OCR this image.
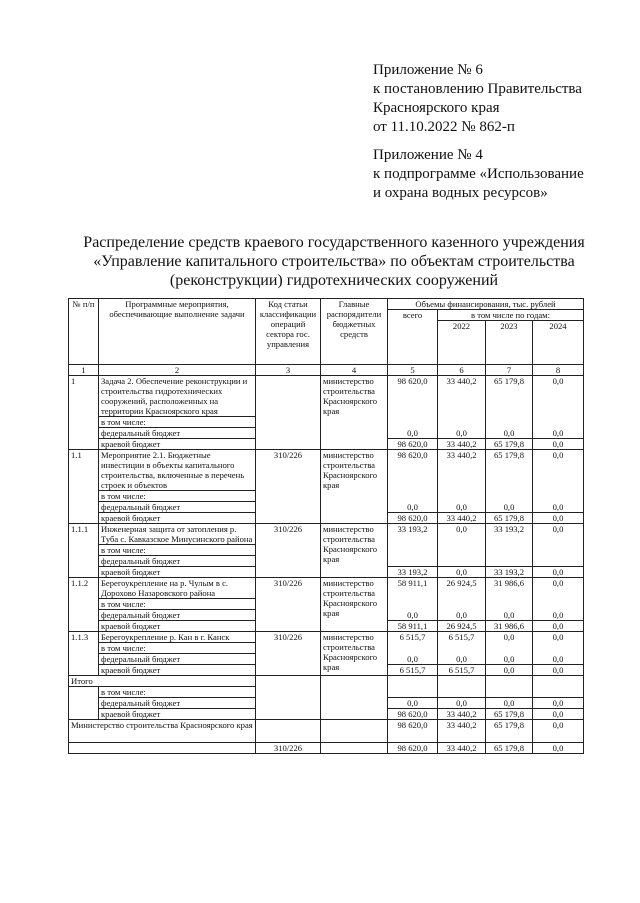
Приложение № 6
к постановлению Правительства
Красноярского края
от 11.10.2022 № 862-п
Приложение № 4
к подпрограмме «Использование
и охрана водных ресурсов»
Распределение средств краевого государственного казенного учреждения
«Управление капитального строительства» по объектам строительства
(реконструкции) гидротехнических сооружений
№ п/п	Программные мероприятия, обеспечивающие выполнение задачи	Код статьи классификации операций сектора гос. управления	Главные распорядители бюджетных средств	Объемы финансирования, тыс. рублей			
				всего	в том числе по годам:		
					2022	2023	2024
1	2	3	4	5	6	7	8
1	Задача 2. Обеспечение реконструкции и строительства гидротехнических сооружений, расположенных на территории Красноярского края		министерство строительства Красноярского края	98 620,0	33 440,2	65 179,8	0,0
	в том числе:						
	федеральный бюджет			0,0	0,0	0,0	0,0
	краевой бюджет			98 620,0	33 440,2	65 179,8	0,0
1.1	Мероприятие 2.1. Бюджетные инвестиции в объекты капитального строительства, включенные в перечень строек и объектов	310/226	министерство строительства Красноярского края	98 620,0	33 440,2	65 179,8	0,0
	в том числе:						
	федеральный бюджет			0,0	0,0	0,0	0,0
	краевой бюджет			98 620,0	33 440,2	65 179,8	0,0
1.1.1	Инженерная защита от затопления р. Туба с. Кавказское Минусинского района	310/226	министерство строительства Красноярского края	33 193,2	0,0	33 193,2	0,0
	в том числе:						
	федеральный бюджет						
	краевой бюджет			33 193,2	0,0	33 193,2	0,0
1.1.2	Берегоукрепление на р. Чулым в с. Дорохово Назаровского района	310/226	министерство строительства Красноярского края	58 911,1	26 924,5	31 986,6	0,0
	в том числе:						
	федеральный бюджет			0,0	0,0	0,0	0,0
	краевой бюджет			58 911,1	26 924,5	31 986,6	0,0
1.1.3	Берегоукрепление р. Кан в г. Канск	310/226	министерство строительства Красноярского края	6 515,7	6 515,7	0,0	0,0
	в том числе:						
	федеральный бюджет			0,0	0,0	0,0	0,0
	краевой бюджет			6 515,7	6 515,7	0,0	0,0
Итого							
	в том числе:						
	федеральный бюджет			0,0	0,0	0,0	0,0
	краевой бюджет			98 620,0	33 440,2	65 179,8	0,0
Министерство строительства Красноярского края				98 620,0	33 440,2	65 179,8	0,0
		310/226		98 620,0	33 440,2	65 179,8	0,0
